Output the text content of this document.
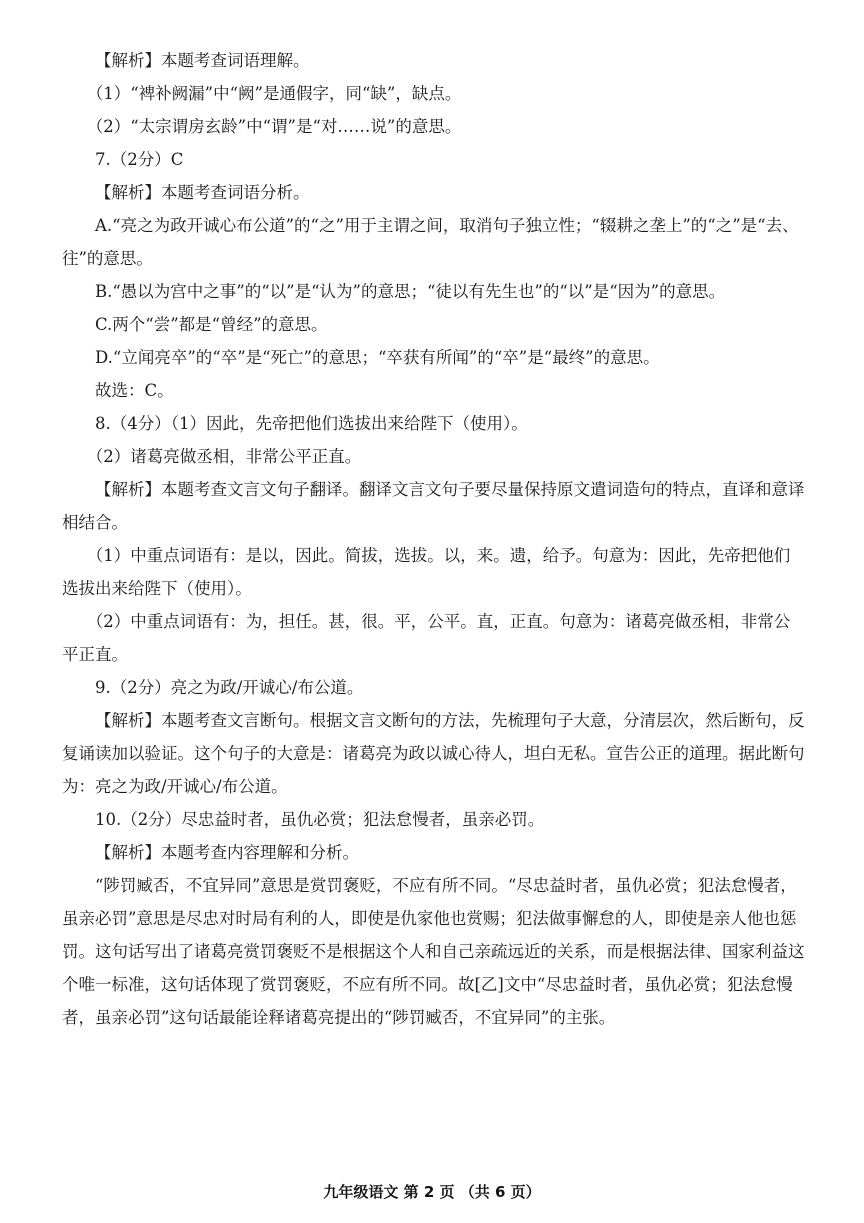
【解析】本题考查词语理解。

（1）“裨补阙漏”中“阙”是通假字，同“缺”，缺点。

（2）“太宗谓房玄龄”中“谓”是“对……说”的意思。

7.（2分）C

【解析】本题考查词语分析。

A.“亮之为政开诚心布公道”的“之”用于主谓之间，取消句子独立性；“辍耕之垄上”的“之”是“去、往”的意思。

B.“愚以为宫中之事”的“以”是“认为”的意思；“徒以有先生也”的“以”是“因为”的意思。

C.两个“尝”都是“曾经”的意思。

D.“立闻亮卒”的“卒”是“死亡”的意思；“卒获有所闻”的“卒”是“最终”的意思。

故选：C。

8.（4分）（1）因此，先帝把他们选拔出来给陛下（使用）。

（2）诸葛亮做丞相，非常公平正直。

【解析】本题考查文言文句子翻译。翻译文言文句子要尽量保持原文遣词造句的特点，直译和意译相结合。

（1）中重点词语有：是以，因此。简拔，选拔。以，来。遗，给予。句意为：因此，先帝把他们选拔出来给陛下（使用）。

（2）中重点词语有：为，担任。甚，很。平，公平。直，正直。句意为：诸葛亮做丞相，非常公平正直。

9.（2分）亮之为政/开诚心/布公道。

【解析】本题考查文言断句。根据文言文断句的方法，先梳理句子大意，分清层次，然后断句，反复诵读加以验证。这个句子的大意是：诸葛亮为政以诚心待人，坦白无私。宣告公正的道理。据此断句为：亮之为政/开诚心/布公道。

10.（2分）尽忠益时者，虽仇必赏；犯法怠慢者，虽亲必罚。

【解析】本题考查内容理解和分析。

“陟罚臧否，不宜异同”意思是赏罚褒贬，不应有所不同。“尽忠益时者，虽仇必赏；犯法怠慢者，虽亲必罚”意思是尽忠对时局有利的人，即使是仇家他也赏赐；犯法做事懈怠的人，即使是亲人他也惩罚。这句话写出了诸葛亮赏罚褒贬不是根据这个人和自己亲疏远近的关系，而是根据法律、国家利益这个唯一标准，这句话体现了赏罚褒贬，不应有所不同。故[乙]文中“尽忠益时者，虽仇必赏；犯法怠慢者，虽亲必罚”这句话最能诠释诸葛亮提出的“陟罚臧否，不宜异同”的主张。

九年级语文 第 2 页 （共 6 页）
